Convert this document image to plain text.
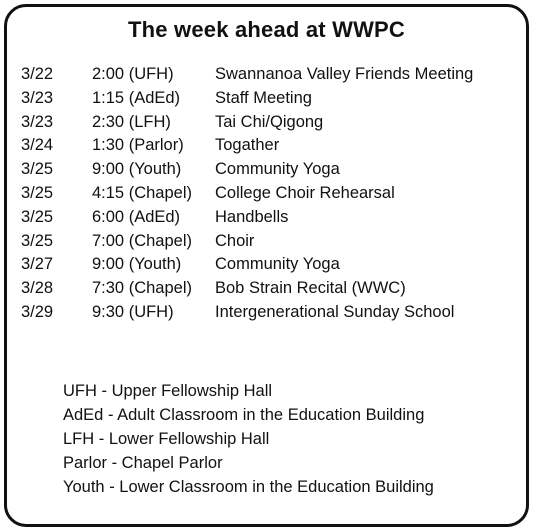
The week ahead at WWPC
3/22 2:00 (UFH)	Swannanoa Valley Friends Meeting
3/23 1:15 (AdEd) Staff Meeting
3/23 2:30 (LFH)	Tai Chi/Qigong
3/24 1:30 (Parlor) Togather
3/25 9:00 (Youth) Community Yoga
3/25 4:15 (Chapel) College Choir Rehearsal
3/25 6:00 (AdEd) Handbells
3/25 7:00 (Chapel) Choir
3/27 9:00 (Youth) Community Yoga
3/28 7:30 (Chapel) Bob Strain Recital (WWC)
3/29 9:30 (UFH)	Intergenerational Sunday School
UFH - Upper Fellowship Hall
AdEd - Adult Classroom in the Education Building
LFH - Lower Fellowship Hall
Parlor - Chapel Parlor
Youth - Lower Classroom in the Education Building
